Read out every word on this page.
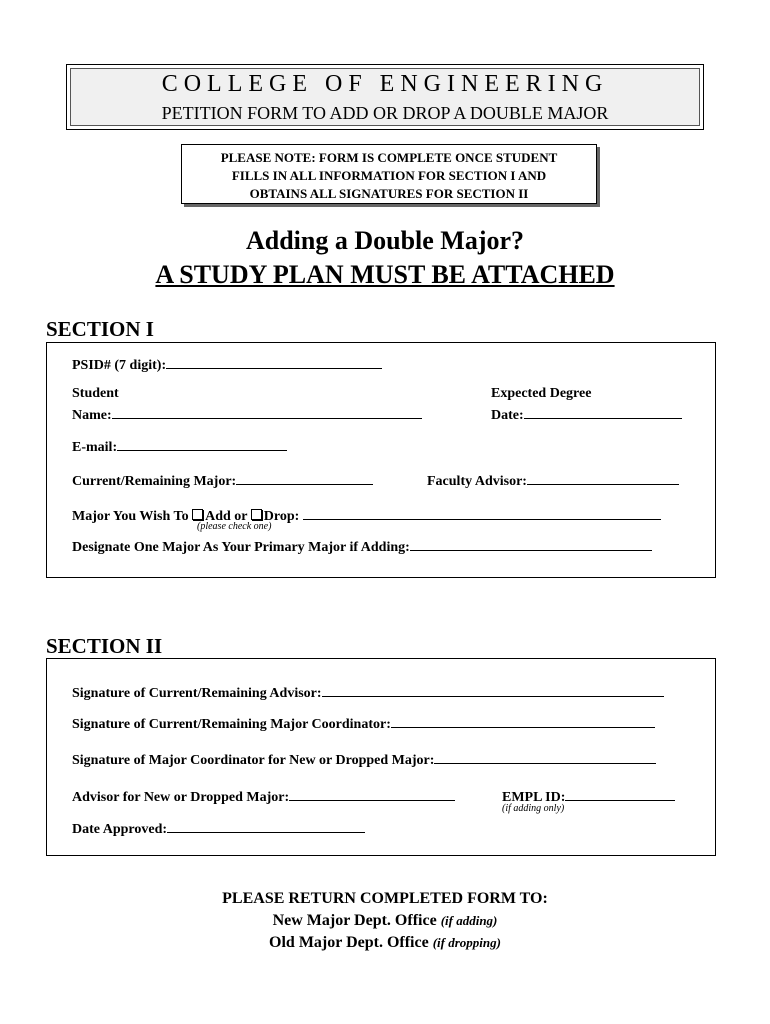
COLLEGE OF ENGINEERING
PETITION FORM TO ADD OR DROP A DOUBLE MAJOR
PLEASE NOTE: FORM IS COMPLETE ONCE STUDENT
FILLS IN ALL INFORMATION FOR SECTION I AND
OBTAINS ALL SIGNATURES FOR SECTION II
Adding a Double Major?
A STUDY PLAN MUST BE ATTACHED
SECTION I
PSID# (7 digit):
Student
Name:
Expected Degree
Date:
E-mail:
Current/Remaining Major:	Faculty Advisor:
Major You Wish To Add or Drop:
(please check one)
Designate One Major As Your Primary Major if Adding:
SECTION II
Signature of Current/Remaining Advisor:
Signature of Current/Remaining Major Coordinator:
Signature of Major Coordinator for New or Dropped Major:
Advisor for New or Dropped Major:	EMPL ID:
(if adding only)
Date Approved:
PLEASE RETURN COMPLETED FORM TO:
New Major Dept. Office (if adding)
Old Major Dept. Office (if dropping)
